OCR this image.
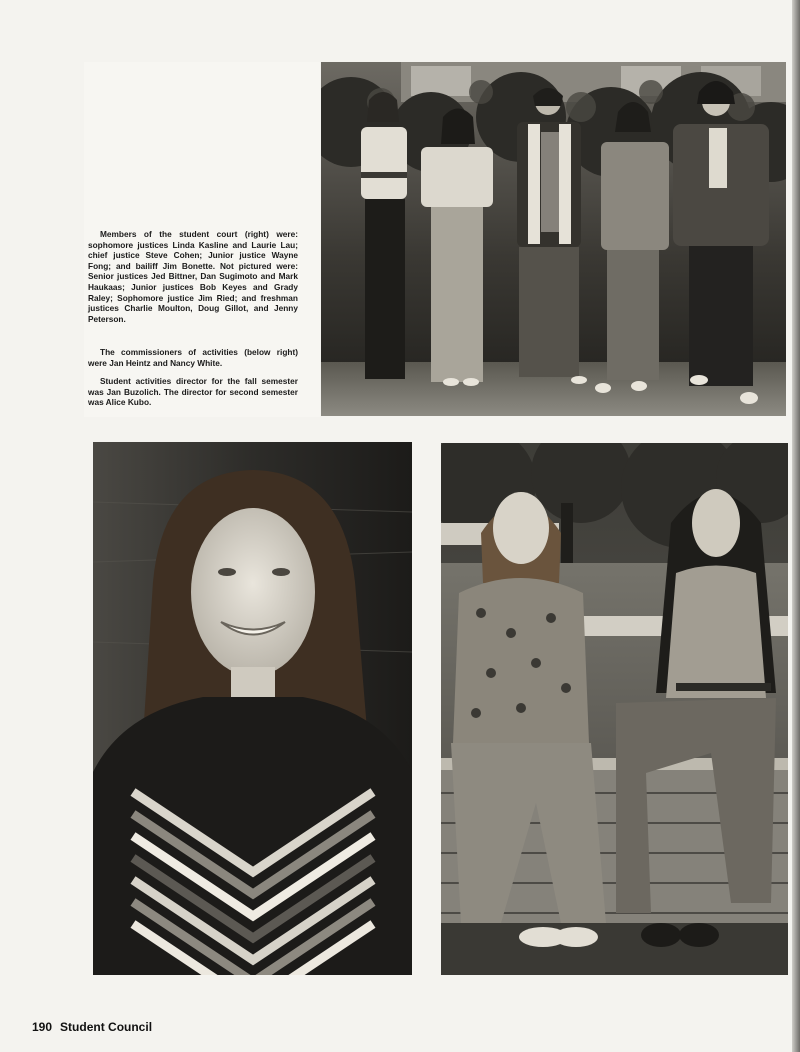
Members of the student court (right) were: sophomore justices Linda Kasline and Laurie Lau; chief justice Steve Cohen; Junior justice Wayne Fong; and bailiff Jim Bonette. Not pictured were: Senior justices Jed Bittner, Dan Sugimoto and Mark Haukaas; Junior justices Bob Keyes and Grady Raley; Sophomore justice Jim Ried; and freshman justices Charlie Moulton, Doug Gillot, and Jenny Peterson.

The commissioners of activities (below right) were Jan Heintz and Nancy White.

Student activities director for the fall semester was Jan Buzolich. The director for second semester was Alice Kubo.

190 Student Council
